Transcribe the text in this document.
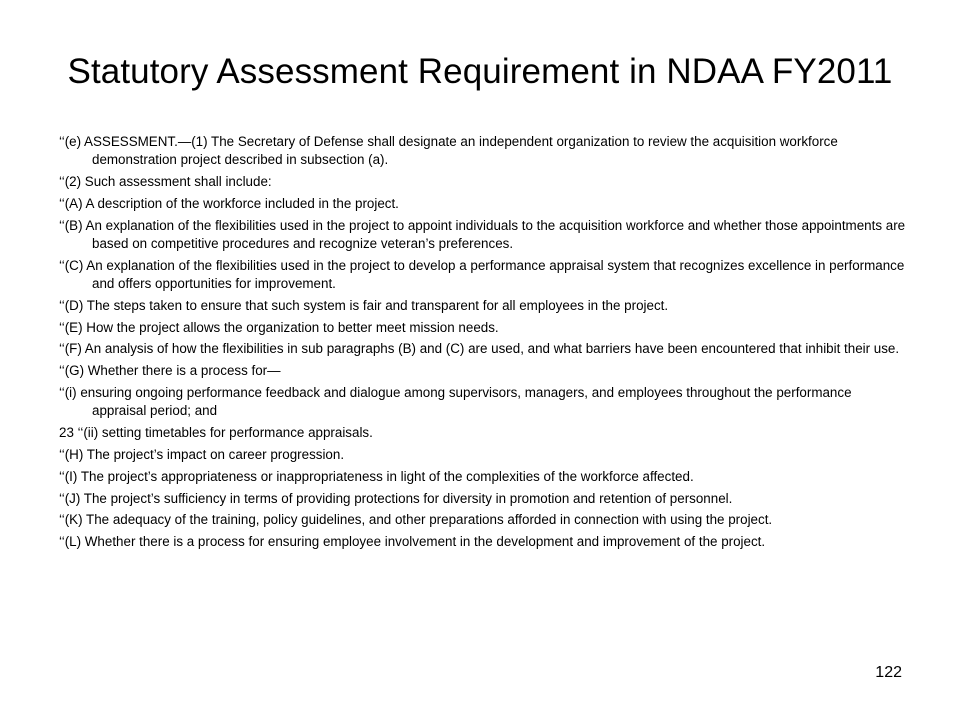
Statutory Assessment Requirement in NDAA FY2011

‘‘(e) ASSESSMENT.—(1) The Secretary of Defense shall designate an independent organization to review the acquisition workforce demonstration project described in subsection (a).

‘‘(2) Such assessment shall include:

‘‘(A) A description of the workforce included in the project.

‘‘(B) An explanation of the flexibilities used in the project to appoint individuals to the acquisition workforce and whether those appointments are based on competitive procedures and recognize veteran’s preferences.

‘‘(C) An explanation of the flexibilities used in the project to develop a performance appraisal system that recognizes excellence in performance and offers opportunities for improvement.

‘‘(D) The steps taken to ensure that such system is fair and transparent for all employees in the project.

‘‘(E) How the project allows the organization to better meet mission needs.

‘‘(F) An analysis of how the flexibilities in sub paragraphs (B) and (C) are used, and what barriers have been encountered that inhibit their use.

‘‘(G) Whether there is a process for—

‘‘(i) ensuring ongoing performance feedback and dialogue among supervisors, managers, and employees throughout the performance appraisal period; and

23 ‘‘(ii) setting timetables for performance appraisals.

‘‘(H) The project’s impact on career progression.

‘‘(I) The project’s appropriateness or inappropriateness in light of the complexities of the workforce affected.

‘‘(J) The project’s sufficiency in terms of providing protections for diversity in promotion and retention of personnel.

‘‘(K) The adequacy of the training, policy guidelines, and other preparations afforded in connection with using the project.

‘‘(L) Whether there is a process for ensuring employee involvement in the development and improvement of the project.

122
